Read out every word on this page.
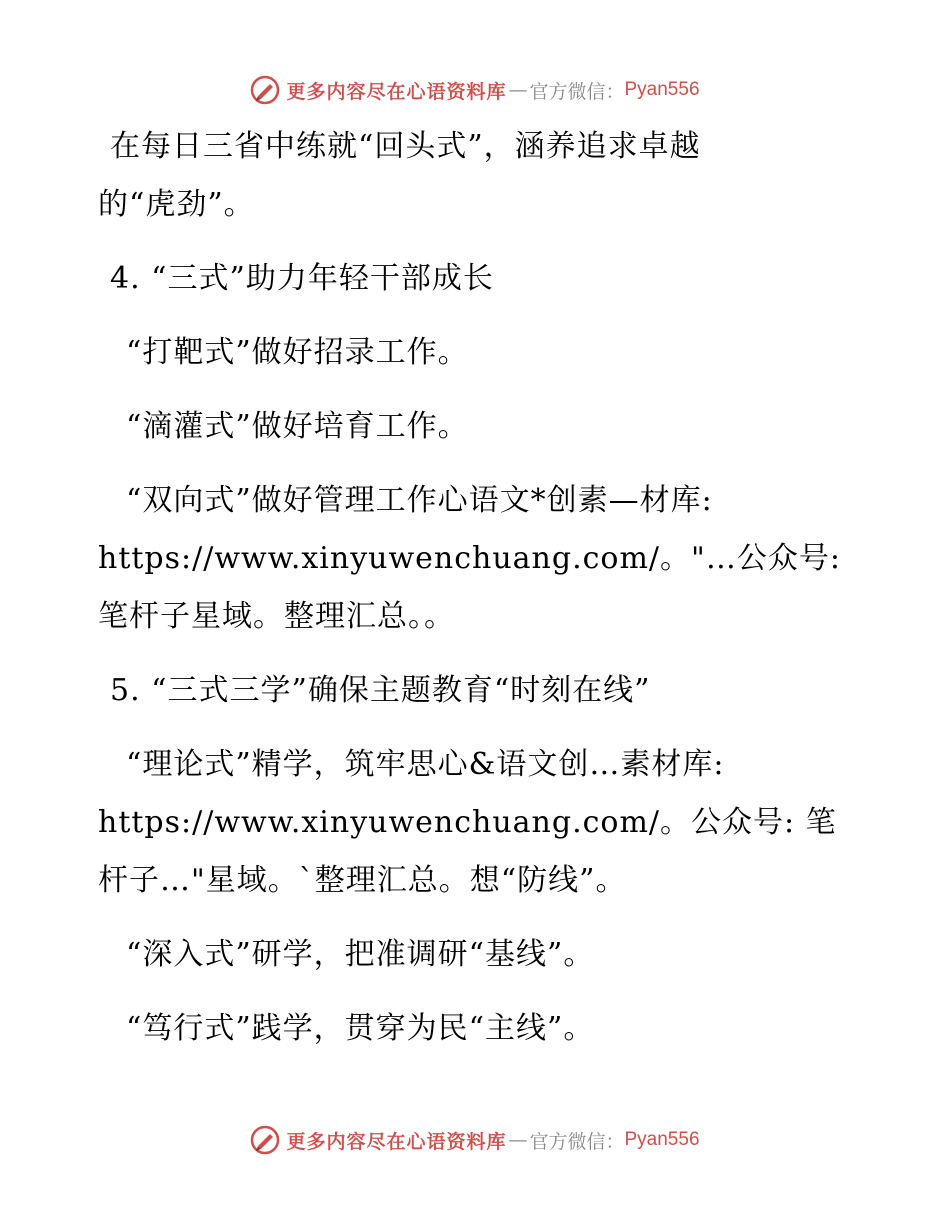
更多内容尽在心语资料库 — 官方微信： Pyan556
在每日三省中练就“回头式”，涵养追求卓越
的“虎劲”。
4. “三式”助力年轻干部成长
“打靶式”做好招录工作。
“滴灌式”做好培育工作。
“双向式”做好管理工作心语文*创素—材库:
https://www.xinyuwenchuang.com/。"…公众号:
笔杆子星域。整理汇总。。
5. “三式三学”确保主题教育“时刻在线”
“理论式”精学，筑牢思心&语文创…素材库:
https://www.xinyuwenchuang.com/。公众号: 笔
杆子…"星域。`整理汇总。想“防线”。
“深入式”研学，把准调研“基线”。
“笃行式”践学，贯穿为民“主线”。
更多内容尽在心语资料库 — 官方微信： Pyan556
